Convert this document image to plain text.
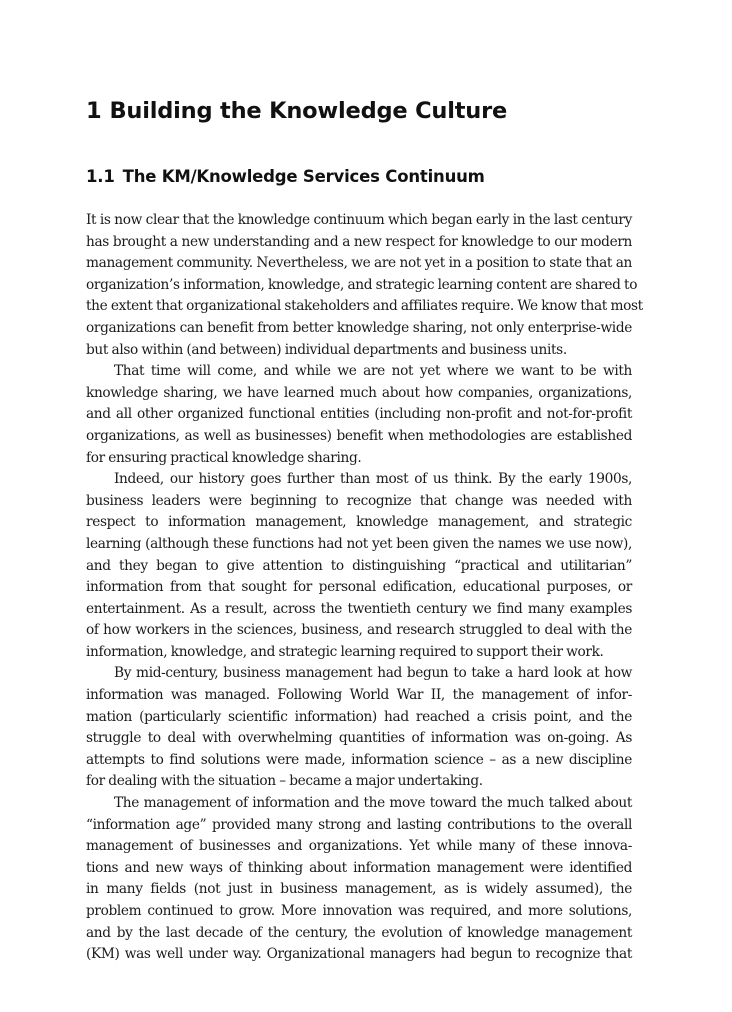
1 Building the Knowledge Culture
1.1 The KM/Knowledge Services Continuum
It is now clear that the knowledge continuum which began early in the last century
has brought a new understanding and a new respect for knowledge to our modern
management community. Nevertheless, we are not yet in a position to state that an
organization’s information, knowledge, and strategic learning content are shared to
the extent that organizational stakeholders and affiliates require. We know that most
organizations can benefit from better knowledge sharing, not only enterprise-wide
but also within (and between) individual departments and business units.
That time will come, and while we are not yet where we want to be with
knowledge sharing, we have learned much about how companies, organizations,
and all other organized functional entities (including non-profit and not-for-profit
organizations, as well as businesses) benefit when methodologies are established
for ensuring practical knowledge sharing.
Indeed, our history goes further than most of us think. By the early 1900s,
business leaders were beginning to recognize that change was needed with
respect to information management, knowledge management, and strategic
learning (although these functions had not yet been given the names we use now),
and they began to give attention to distinguishing “practical and utilitarian”
information from that sought for personal edification, educational purposes, or
entertainment. As a result, across the twentieth century we find many examples
of how workers in the sciences, business, and research struggled to deal with the
information, knowledge, and strategic learning required to support their work.
By mid-century, business management had begun to take a hard look at how
information was managed. Following World War II, the management of infor-
mation (particularly scientific information) had reached a crisis point, and the
struggle to deal with overwhelming quantities of information was on-going. As
attempts to find solutions were made, information science – as a new discipline
for dealing with the situation – became a major undertaking.
The management of information and the move toward the much talked about
“information age” provided many strong and lasting contributions to the overall
management of businesses and organizations. Yet while many of these innova-
tions and new ways of thinking about information management were identified
in many fields (not just in business management, as is widely assumed), the
problem continued to grow. More innovation was required, and more solutions,
and by the last decade of the century, the evolution of knowledge management
(KM) was well under way. Organizational managers had begun to recognize that
